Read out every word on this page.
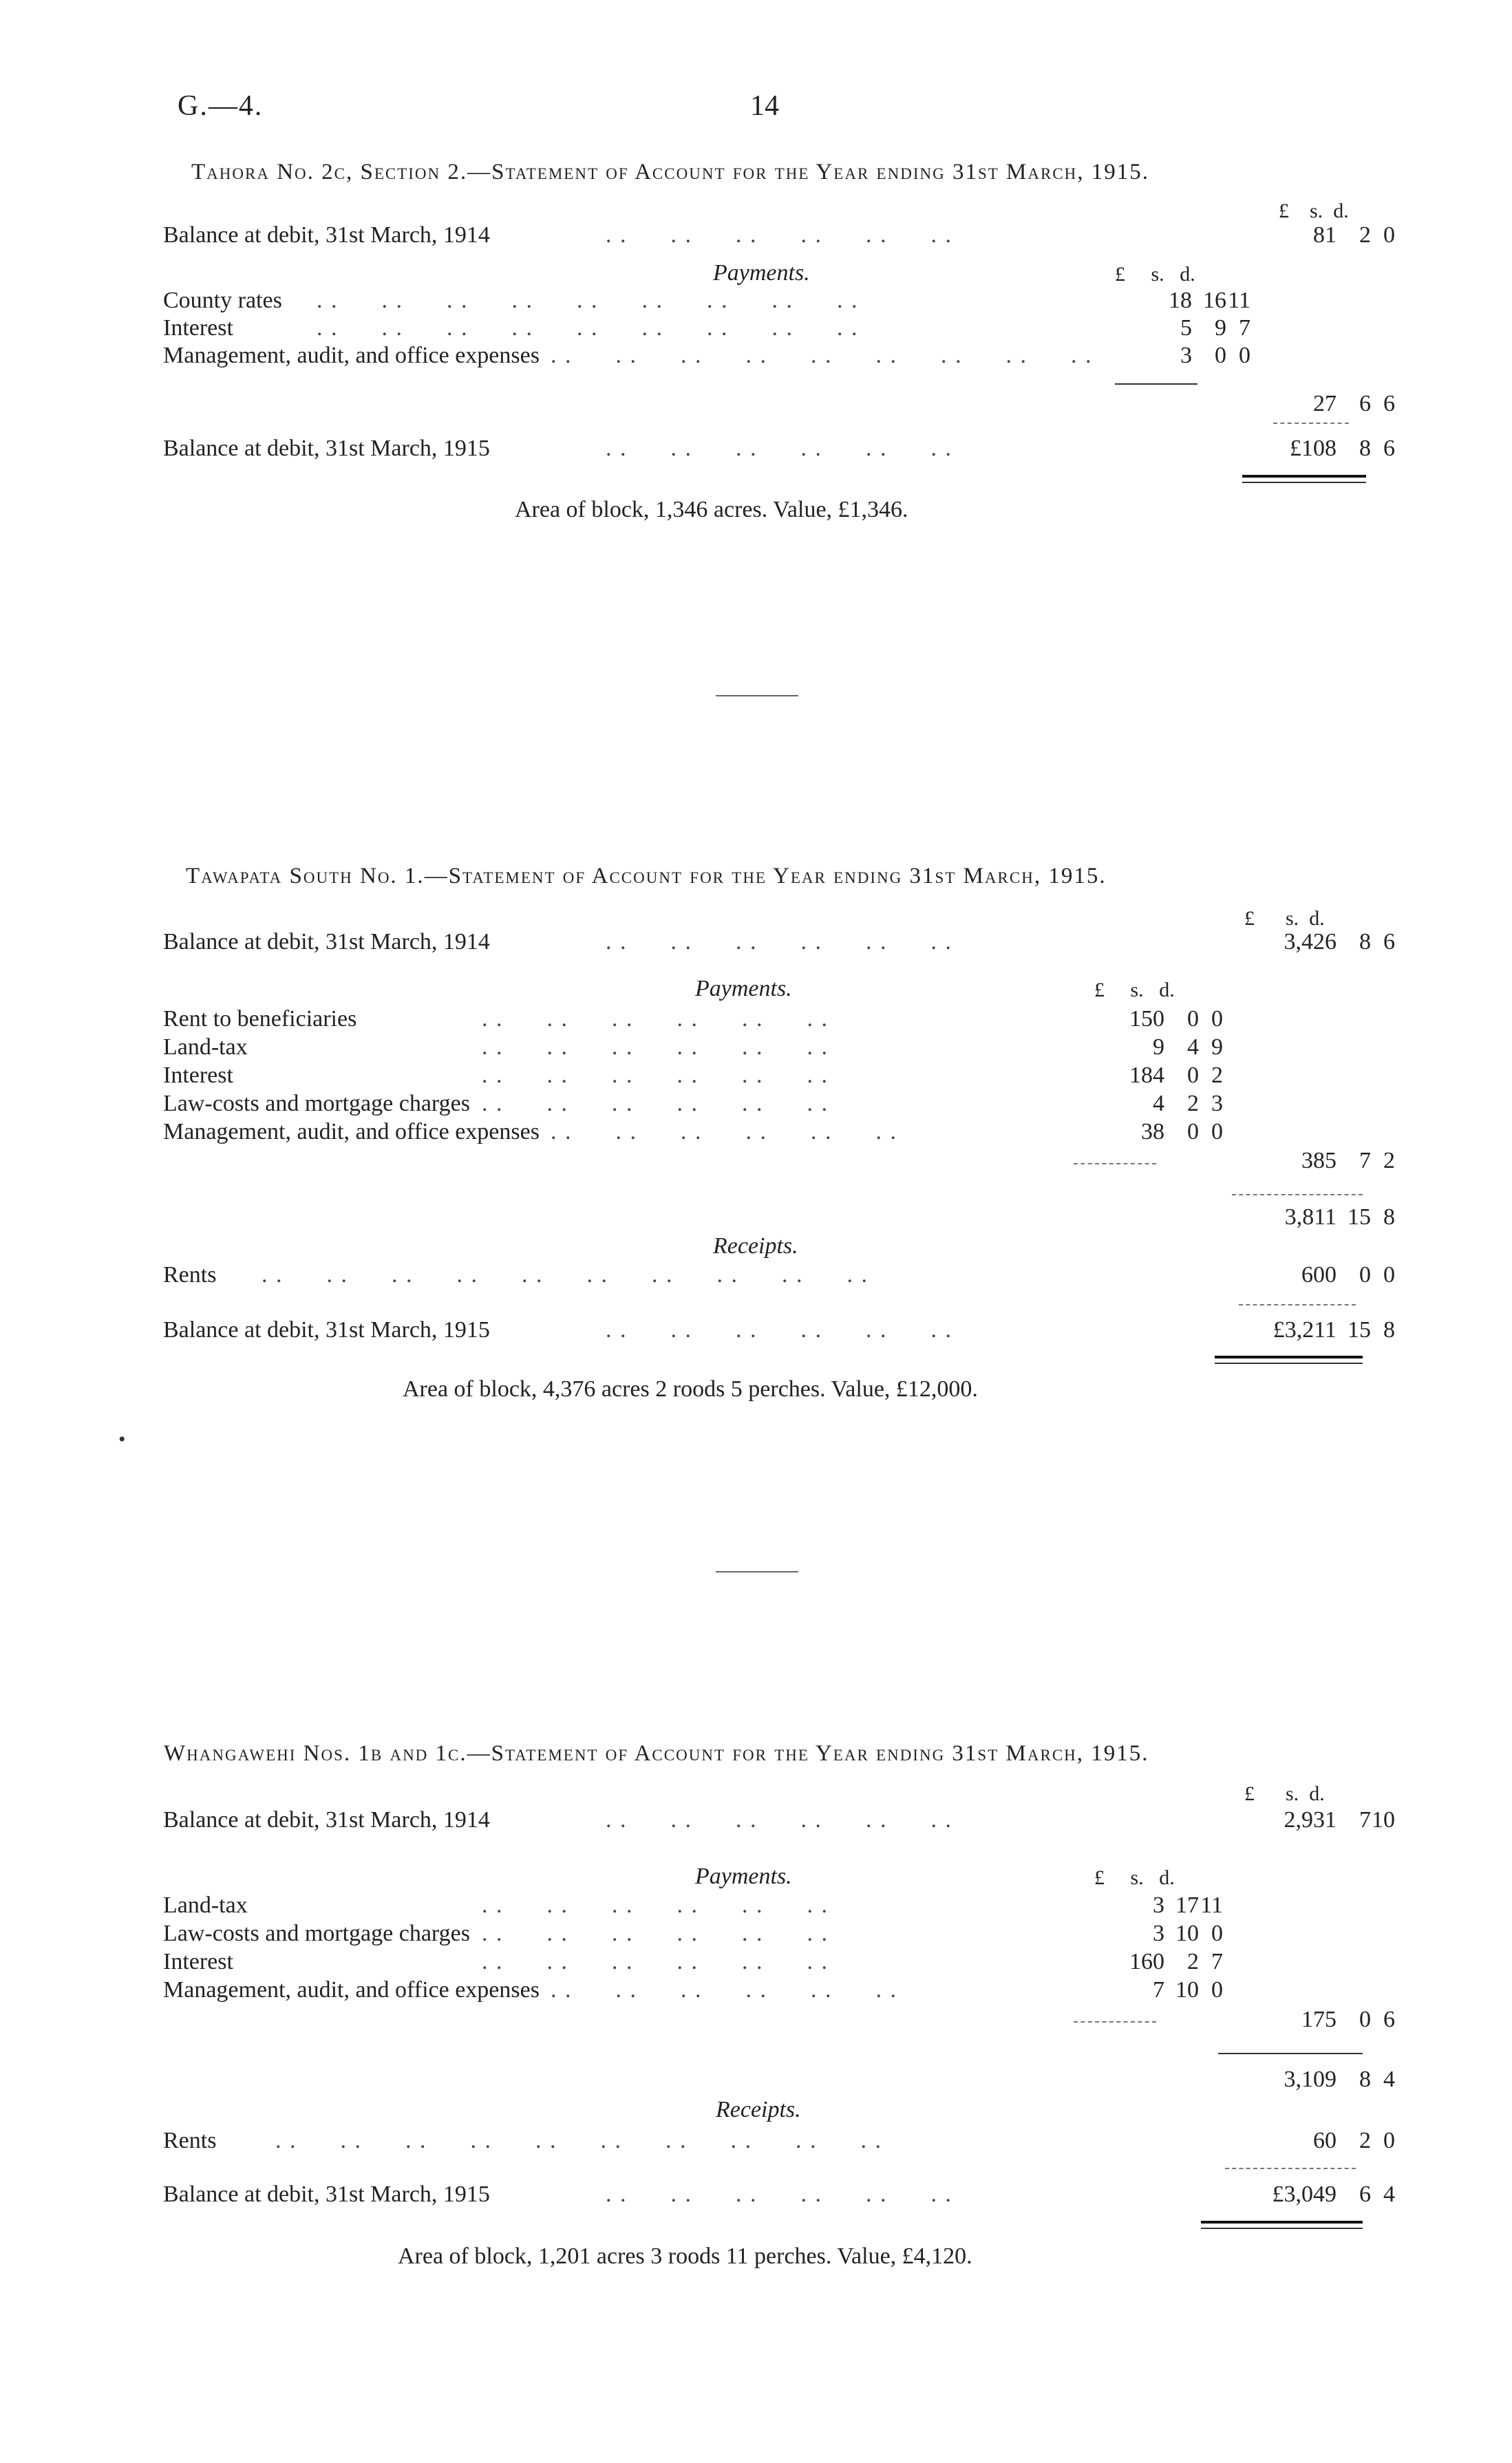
G.—4.	14
Tahora No. 2c, Section 2.—Statement of Account for the Year ending 31st March, 1915.
£ s. d.
Balance at debit, 31st March, 1914	. .      . .      . .      . .      . .      . .	81 2 0
Payments.	£ s. d.
County rates . .      . .      . .      . .      . .      . .      . .      . .      . .	18 16 11
Interest	. .      . .      . .      . .      . .      . .      . .      . .      . .	5 9 7
Management, audit, and office expenses . .      . .      . .      . .      . .      . .      . .      . .      . .	3 0 0
27 6 6
Balance at debit, 31st March, 1915	. .      . .      . .      . .      . .      . .	£108 8 6
Area of block, 1,346 acres. Value, £1,346.
Tawapata South No. 1.—Statement of Account for the Year ending 31st March, 1915.
£ s. d.
Balance at debit, 31st March, 1914	. .      . .      . .      . .      . .      . .	3,426 8 6
Payments.	£ s. d.
Rent to beneficiaries	. .      . .      . .      . .      . .      . .	150 0 0
Land-tax	. .      . .      . .      . .      . .      . .	9 4 9
Interest	. .      . .      . .      . .      . .      . .	184 0 2
Law-costs and mortgage charges . .      . .      . .      . .      . .      . .	4 2 3
Management, audit, and office expenses . .      . .      . .      . .      . .      . .	38 0 0
385 7 2
3,811 15 8
Receipts.
Rents . .      . .      . .      . .      . .      . .      . .      . .      . .      . .	600 0 0
Balance at debit, 31st March, 1915	. .      . .      . .      . .      . .      . .	£3,211 15 8
Area of block, 4,376 acres 2 roods 5 perches. Value, £12,000.
•
Whangawehi Nos. 1b and 1c.—Statement of Account for the Year ending 31st March, 1915.
£ s. d.
Balance at debit, 31st March, 1914	. .      . .      . .      . .      . .      . .	2,931 7 10
Payments.	£ s. d.
Land-tax	. .      . .      . .      . .      . .      . .	3 17 11
Law-costs and mortgage charges . .      . .      . .      . .      . .      . .	3 10 0
Interest	. .      . .      . .      . .      . .      . .	160 2 7
Management, audit, and office expenses . .      . .      . .      . .      . .      . .	7 10 0
175 0 6
3,109 8 4
Receipts.
Rents	. .      . .      . .      . .      . .      . .      . .      . .      . .      . .	60 2 0
Balance at debit, 31st March, 1915	. .      . .      . .      . .      . .      . .	£3,049 6 4
Area of block, 1,201 acres 3 roods 11 perches. Value, £4,120.
